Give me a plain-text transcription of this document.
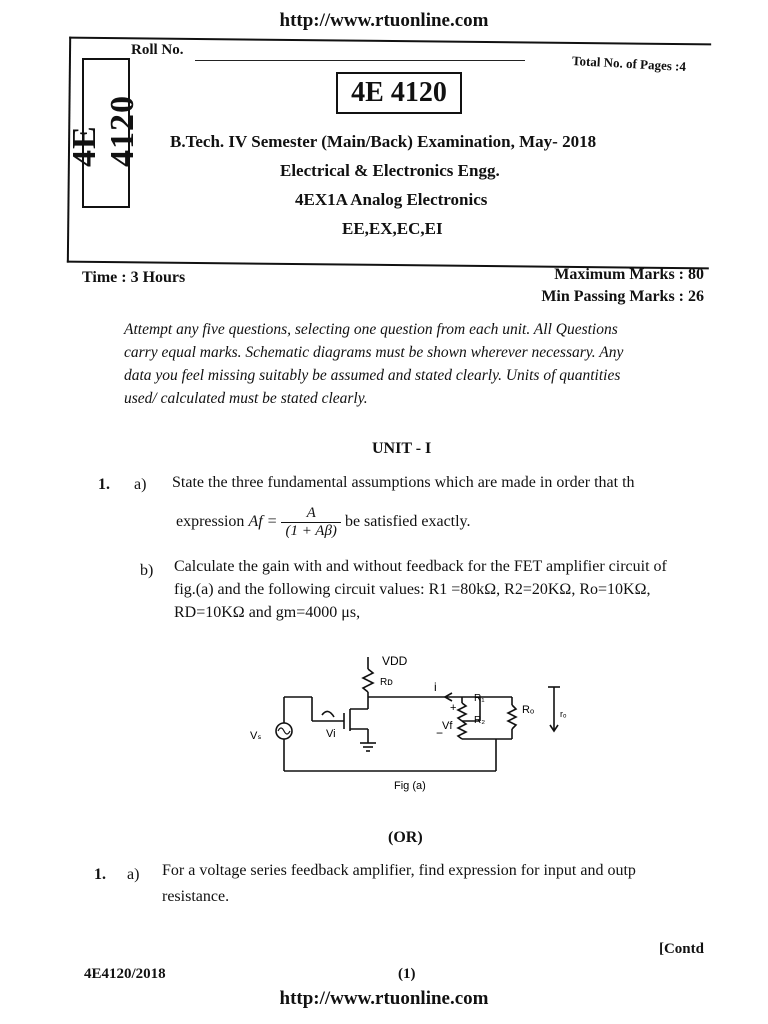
http://www.rtuonline.com
4E 4120
Roll No.
Total No. of Pages :4
4E 4120
B.Tech. IV Semester (Main/Back) Examination, May- 2018
Electrical & Electronics Engg.
4EX1A Analog Electronics
EE,EX,EC,EI
Time : 3 Hours	Maximum Marks : 80
Min Passing Marks : 26
Attempt any five questions, selecting one question from each unit. All Questions
carry equal marks. Schematic diagrams must be shown wherever necessary. Any
data you feel missing suitably be assumed and stated clearly. Units of quantities
used/ calculated must be stated clearly.
UNIT - I
1. a) State the three fundamental assumptions which are made in order that th
expression $Af = \frac{A}{(1 + A\beta)}$ be satisfied exactly.
b) Calculate the gain with and without feedback for the FET amplifier circuit of
fig.(a) and the following circuit values: R1 =80kΩ, R2=20KΩ, Ro=10KΩ,
RD=10KΩ and gm=4000 μs,
VDD
Rᴅ	i
R₁
R₂
Rₒ	rₒ
Vf
+
−
Vi
Vₛ
Fig (a)
(OR)
1. a) For a voltage series feedback amplifier, find expression for input and outp
resistance.
[Contd
4E4120/2018	(1)
http://www.rtuonline.com
